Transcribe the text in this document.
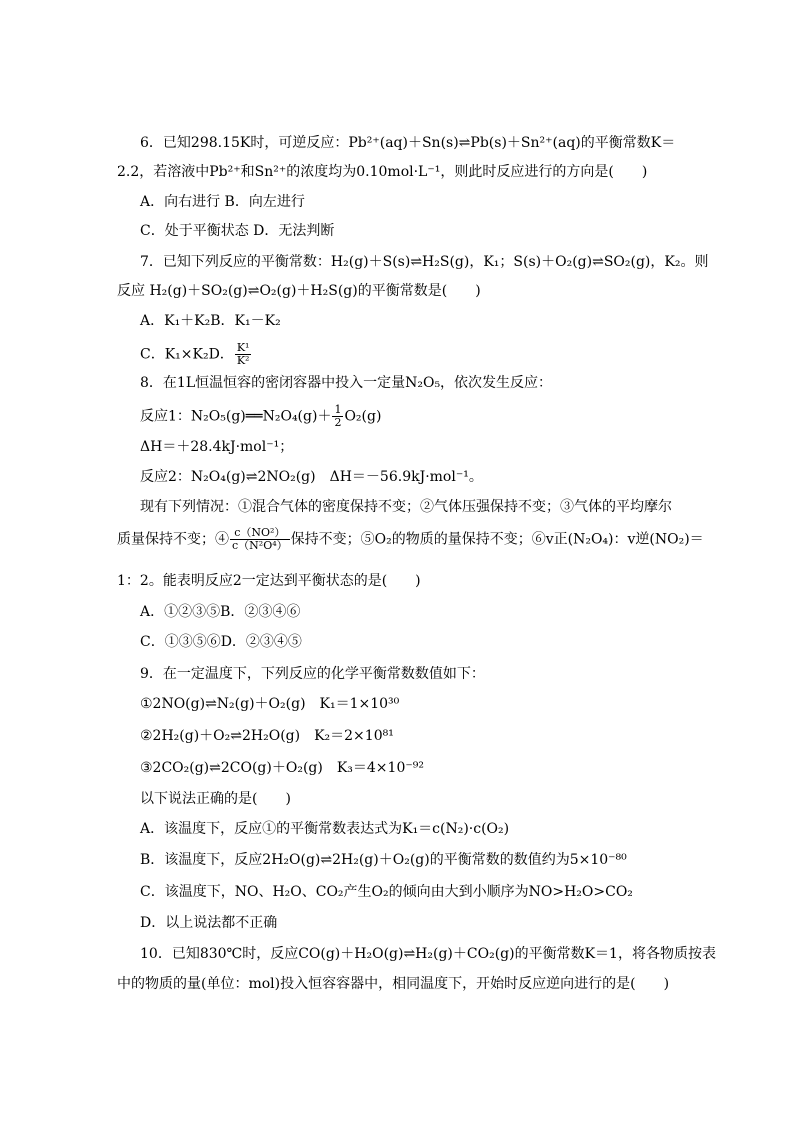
6．已知298.15K时，可逆反应：Pb²⁺(aq)＋Sn(s)⇌Pb(s)＋Sn²⁺(aq)的平衡常数K＝
2.2，若溶液中Pb²⁺和Sn²⁺的浓度均为0.10mol·L⁻¹，则此时反应进行的方向是(　　)
A．向右进行 B．向左进行
C．处于平衡状态 D．无法判断
7．已知下列反应的平衡常数：H₂(g)＋S(s)⇌H₂S(g)，K₁；S(s)＋O₂(g)⇌SO₂(g)，K₂。则
反应 H₂(g)＋SO₂(g)⇌O₂(g)＋H₂S(g)的平衡常数是(　　)
A．K₁＋K₂B．K₁－K₂
C．K₁×K₂D． $\frac{\text{K¹}}{\text{K²}}$
8．在1L恒温恒容的密闭容器中投入一定量N₂O₅，依次发生反应：
反应1：N₂O₅(g)══N₂O₄(g)＋ $\frac{1}{2} O_2(g)$
ΔH＝＋28.4kJ·mol⁻¹；
反应2：N₂O₄(g)⇌2NO₂(g)　ΔH＝－56.9kJ·mol⁻¹。
现有下列情况：①混合气体的密度保持不变；②气体压强保持不变；③气体的平均摩尔
质量保持不变；④ $\frac{\text{c（NO²）}}{\text{c（N²O⁴）}}$ 保持不变；⑤O₂的物质的量保持不变；⑥v正(N₂O₄)：v逆(NO₂)＝
1：2。能表明反应2一定达到平衡状态的是(　　)
A．①②③⑤B．②③④⑥
C．①③⑤⑥D．②③④⑤
9．在一定温度下，下列反应的化学平衡常数数值如下：
①2NO(g)⇌N₂(g)＋O₂(g)　K₁＝1×10³⁰
②2H₂(g)＋O₂⇌2H₂O(g)　K₂＝2×10⁸¹
③2CO₂(g)⇌2CO(g)＋O₂(g)　K₃＝4×10⁻⁹²
以下说法正确的是(　　)
A．该温度下，反应①的平衡常数表达式为K₁＝c(N₂)·c(O₂)
B．该温度下，反应2H₂O(g)⇌2H₂(g)＋O₂(g)的平衡常数的数值约为5×10⁻⁸⁰
C．该温度下，NO、H₂O、CO₂产生O₂的倾向由大到小顺序为NO>H₂O>CO₂
D．以上说法都不正确
10．已知830℃时，反应CO(g)＋H₂O(g)⇌H₂(g)＋CO₂(g)的平衡常数K＝1，将各物质按表
中的物质的量(单位：mol)投入恒容容器中，相同温度下，开始时反应逆向进行的是(　　)
